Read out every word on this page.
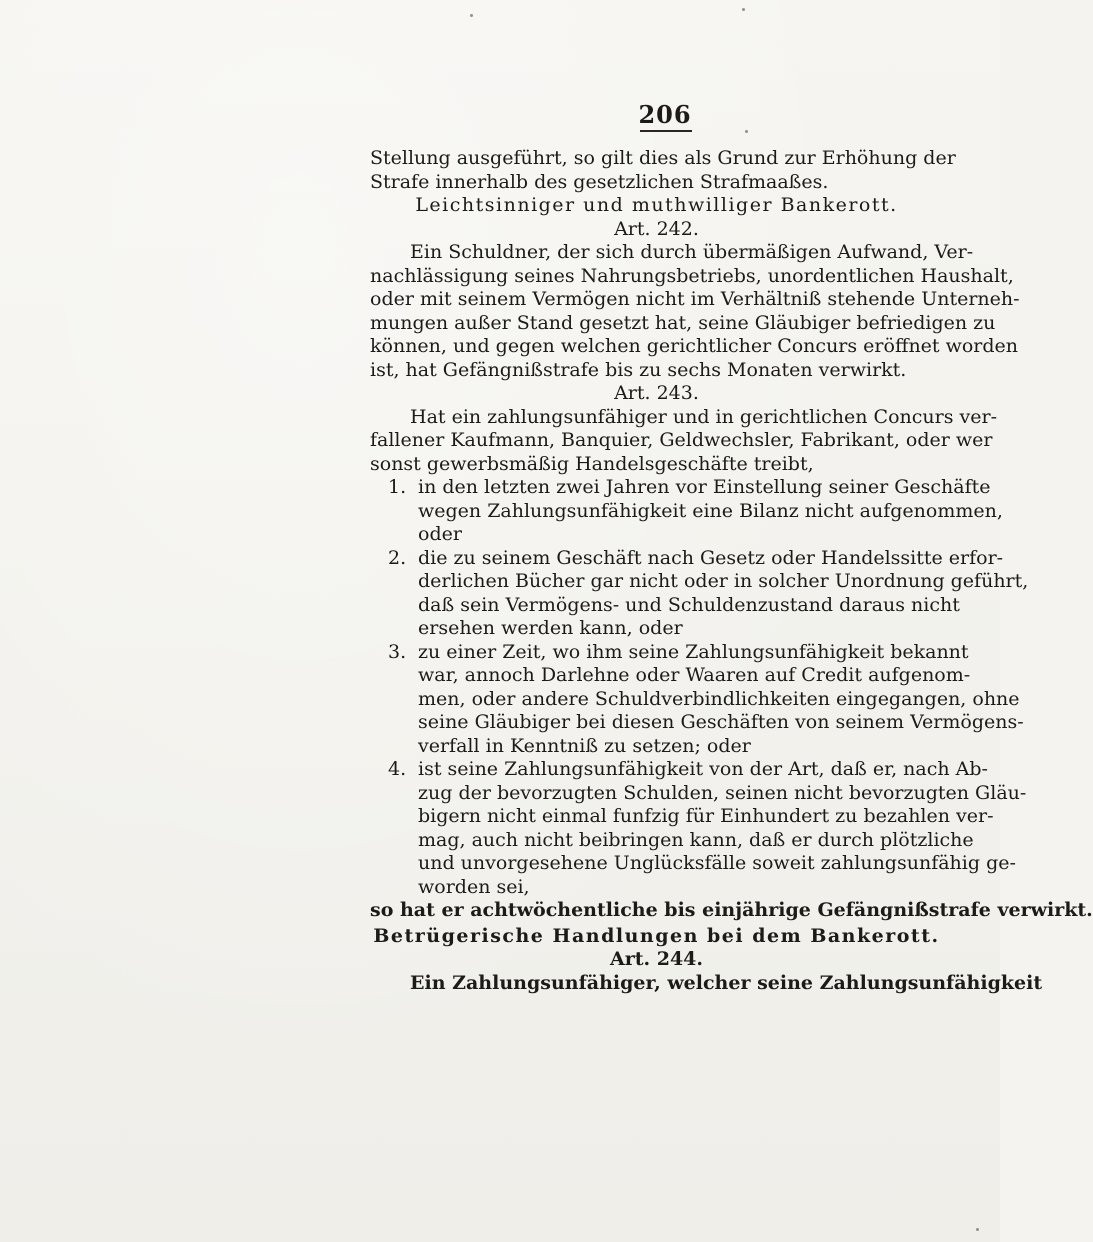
206
Stellung ausgeführt, so gilt dies als Grund zur Erhöhung der
Strafe innerhalb des gesetzlichen Strafmaaßes.
Leichtsinniger und muthwilliger Bankerott.
Art. 242.
Ein Schuldner, der sich durch übermäßigen Aufwand, Ver-
nachlässigung seines Nahrungsbetriebs, unordentlichen Haushalt,
oder mit seinem Vermögen nicht im Verhältniß stehende Unterneh-
mungen außer Stand gesetzt hat, seine Gläubiger befriedigen zu
können, und gegen welchen gerichtlicher Concurs eröffnet worden
ist, hat Gefängnißstrafe bis zu sechs Monaten verwirkt.
Art. 243.
Hat ein zahlungsunfähiger und in gerichtlichen Concurs ver-
fallener Kaufmann, Banquier, Geldwechsler, Fabrikant, oder wer
sonst gewerbsmäßig Handelsgeschäfte treibt,
1. in den letzten zwei Jahren vor Einstellung seiner Geschäfte
wegen Zahlungsunfähigkeit eine Bilanz nicht aufgenommen,
oder
2. die zu seinem Geschäft nach Gesetz oder Handelssitte erfor-
derlichen Bücher gar nicht oder in solcher Unordnung geführt,
daß sein Vermögens- und Schuldenzustand daraus nicht
ersehen werden kann, oder
3. zu einer Zeit, wo ihm seine Zahlungsunfähigkeit bekannt
war, annoch Darlehne oder Waaren auf Credit aufgenom-
men, oder andere Schuldverbindlichkeiten eingegangen, ohne
seine Gläubiger bei diesen Geschäften von seinem Vermögens-
verfall in Kenntniß zu setzen; oder
4. ist seine Zahlungsunfähigkeit von der Art, daß er, nach Ab-
zug der bevorzugten Schulden, seinen nicht bevorzugten Gläu-
bigern nicht einmal funfzig für Einhundert zu bezahlen ver-
mag, auch nicht beibringen kann, daß er durch plötzliche
und unvorgesehene Unglücksfälle soweit zahlungsunfähig ge-
worden sei,
so hat er achtwöchentliche bis einjährige Gefängnißstrafe verwirkt.
Betrügerische Handlungen bei dem Bankerott.
Art. 244.
Ein Zahlungsunfähiger, welcher seine Zahlungsunfähigkeit
